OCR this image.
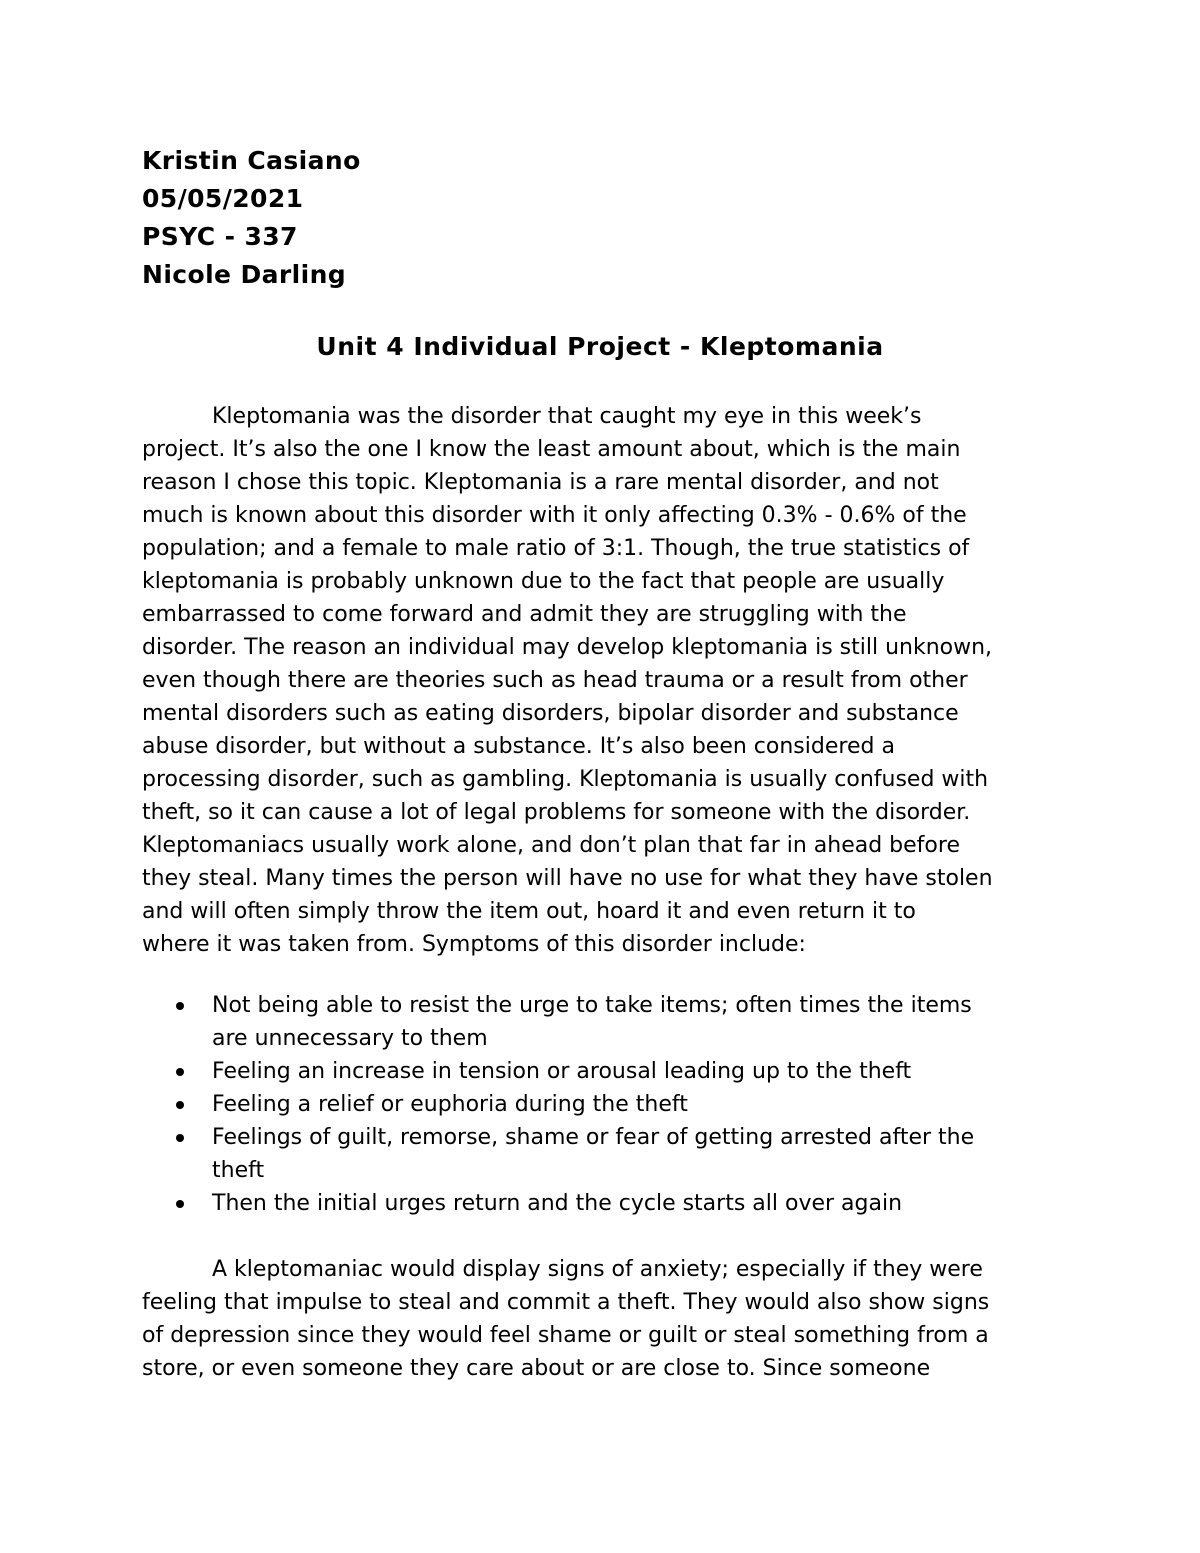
Kristin Casiano
05/05/2021
PSYC - 337
Nicole Darling
Unit 4 Individual Project - Kleptomania
Kleptomania was the disorder that caught my eye in this week’s
project. It’s also the one I know the least amount about, which is the main
reason I chose this topic. Kleptomania is a rare mental disorder, and not
much is known about this disorder with it only affecting 0.3% - 0.6% of the
population; and a female to male ratio of 3:1. Though, the true statistics of
kleptomania is probably unknown due to the fact that people are usually
embarrassed to come forward and admit they are struggling with the
disorder. The reason an individual may develop kleptomania is still unknown,
even though there are theories such as head trauma or a result from other
mental disorders such as eating disorders, bipolar disorder and substance
abuse disorder, but without a substance. It’s also been considered a
processing disorder, such as gambling. Kleptomania is usually confused with
theft, so it can cause a lot of legal problems for someone with the disorder.
Kleptomaniacs usually work alone, and don’t plan that far in ahead before
they steal. Many times the person will have no use for what they have stolen
and will often simply throw the item out, hoard it and even return it to
where it was taken from. Symptoms of this disorder include:
Not being able to resist the urge to take items; often times the items
are unnecessary to them
Feeling an increase in tension or arousal leading up to the theft
Feeling a relief or euphoria during the theft
Feelings of guilt, remorse, shame or fear of getting arrested after the
theft
Then the initial urges return and the cycle starts all over again
A kleptomaniac would display signs of anxiety; especially if they were
feeling that impulse to steal and commit a theft. They would also show signs
of depression since they would feel shame or guilt or steal something from a
store, or even someone they care about or are close to. Since someone
